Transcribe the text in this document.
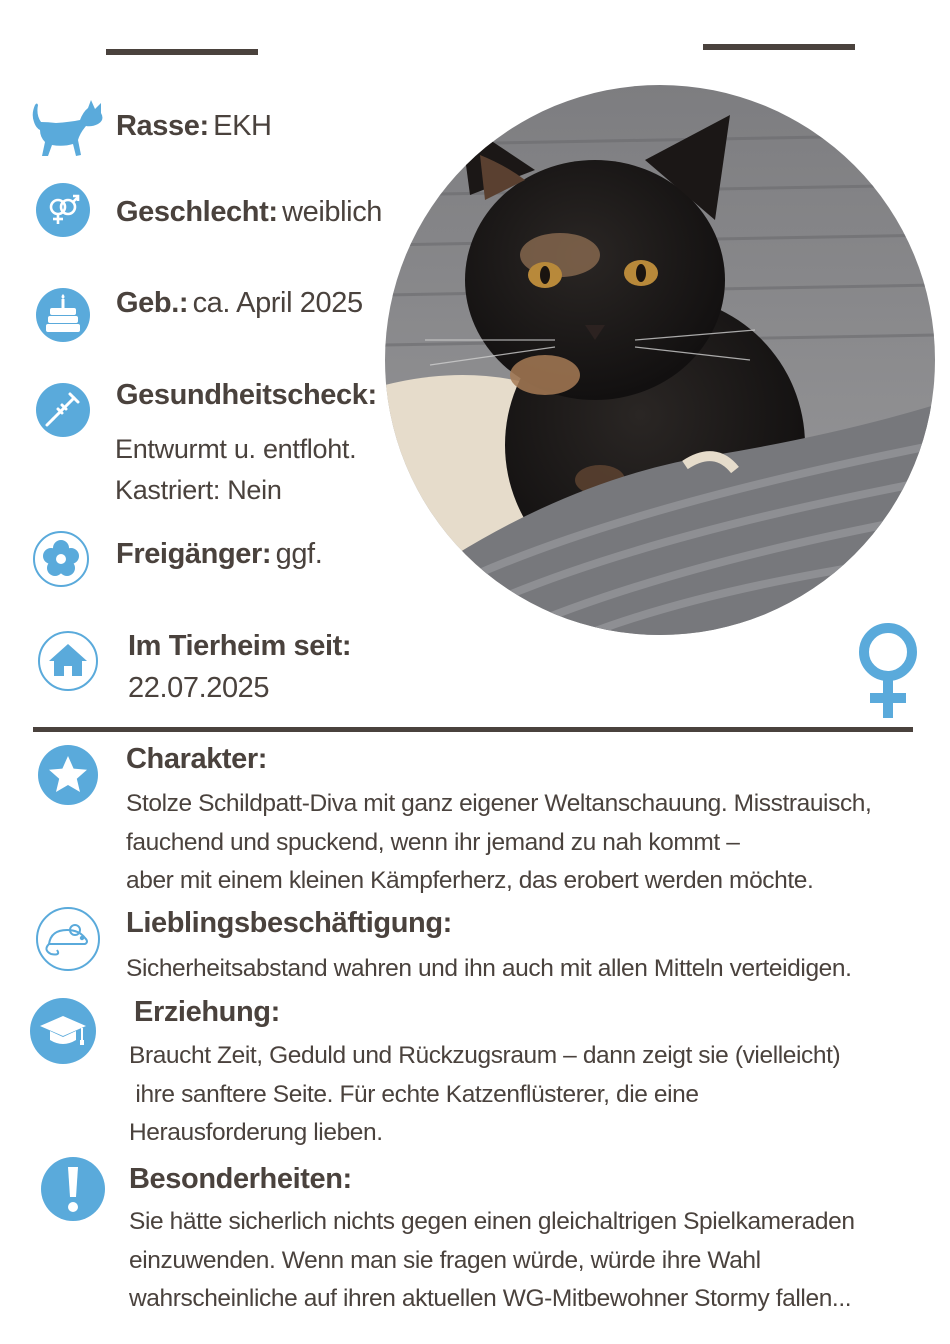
Rasse: EKH
Geschlecht: weiblich
Geb.: ca. April 2025
Gesundheitscheck:
Entwurmt u. entfloht.
Kastriert: Nein
Freigänger: ggf.
Im Tierheim seit:
22.07.2025
Charakter:
Stolze Schildpatt-Diva mit ganz eigener Weltanschauung. Misstrauisch,
fauchend und spuckend, wenn ihr jemand zu nah kommt –
aber mit einem kleinen Kämpferherz, das erobert werden möchte.
Lieblingsbeschäftigung:
Sicherheitsabstand wahren und ihn auch mit allen Mitteln verteidigen.
Erziehung:
Braucht Zeit, Geduld und Rückzugsraum – dann zeigt sie (vielleicht)
ihre sanftere Seite. Für echte Katzenflüsterer, die eine
Herausforderung lieben.
Besonderheiten:
Sie hätte sicherlich nichts gegen einen gleichaltrigen Spielkameraden
einzuwenden. Wenn man sie fragen würde, würde ihre Wahl
wahrscheinliche auf ihren aktuellen WG-Mitbewohner Stormy fallen...
